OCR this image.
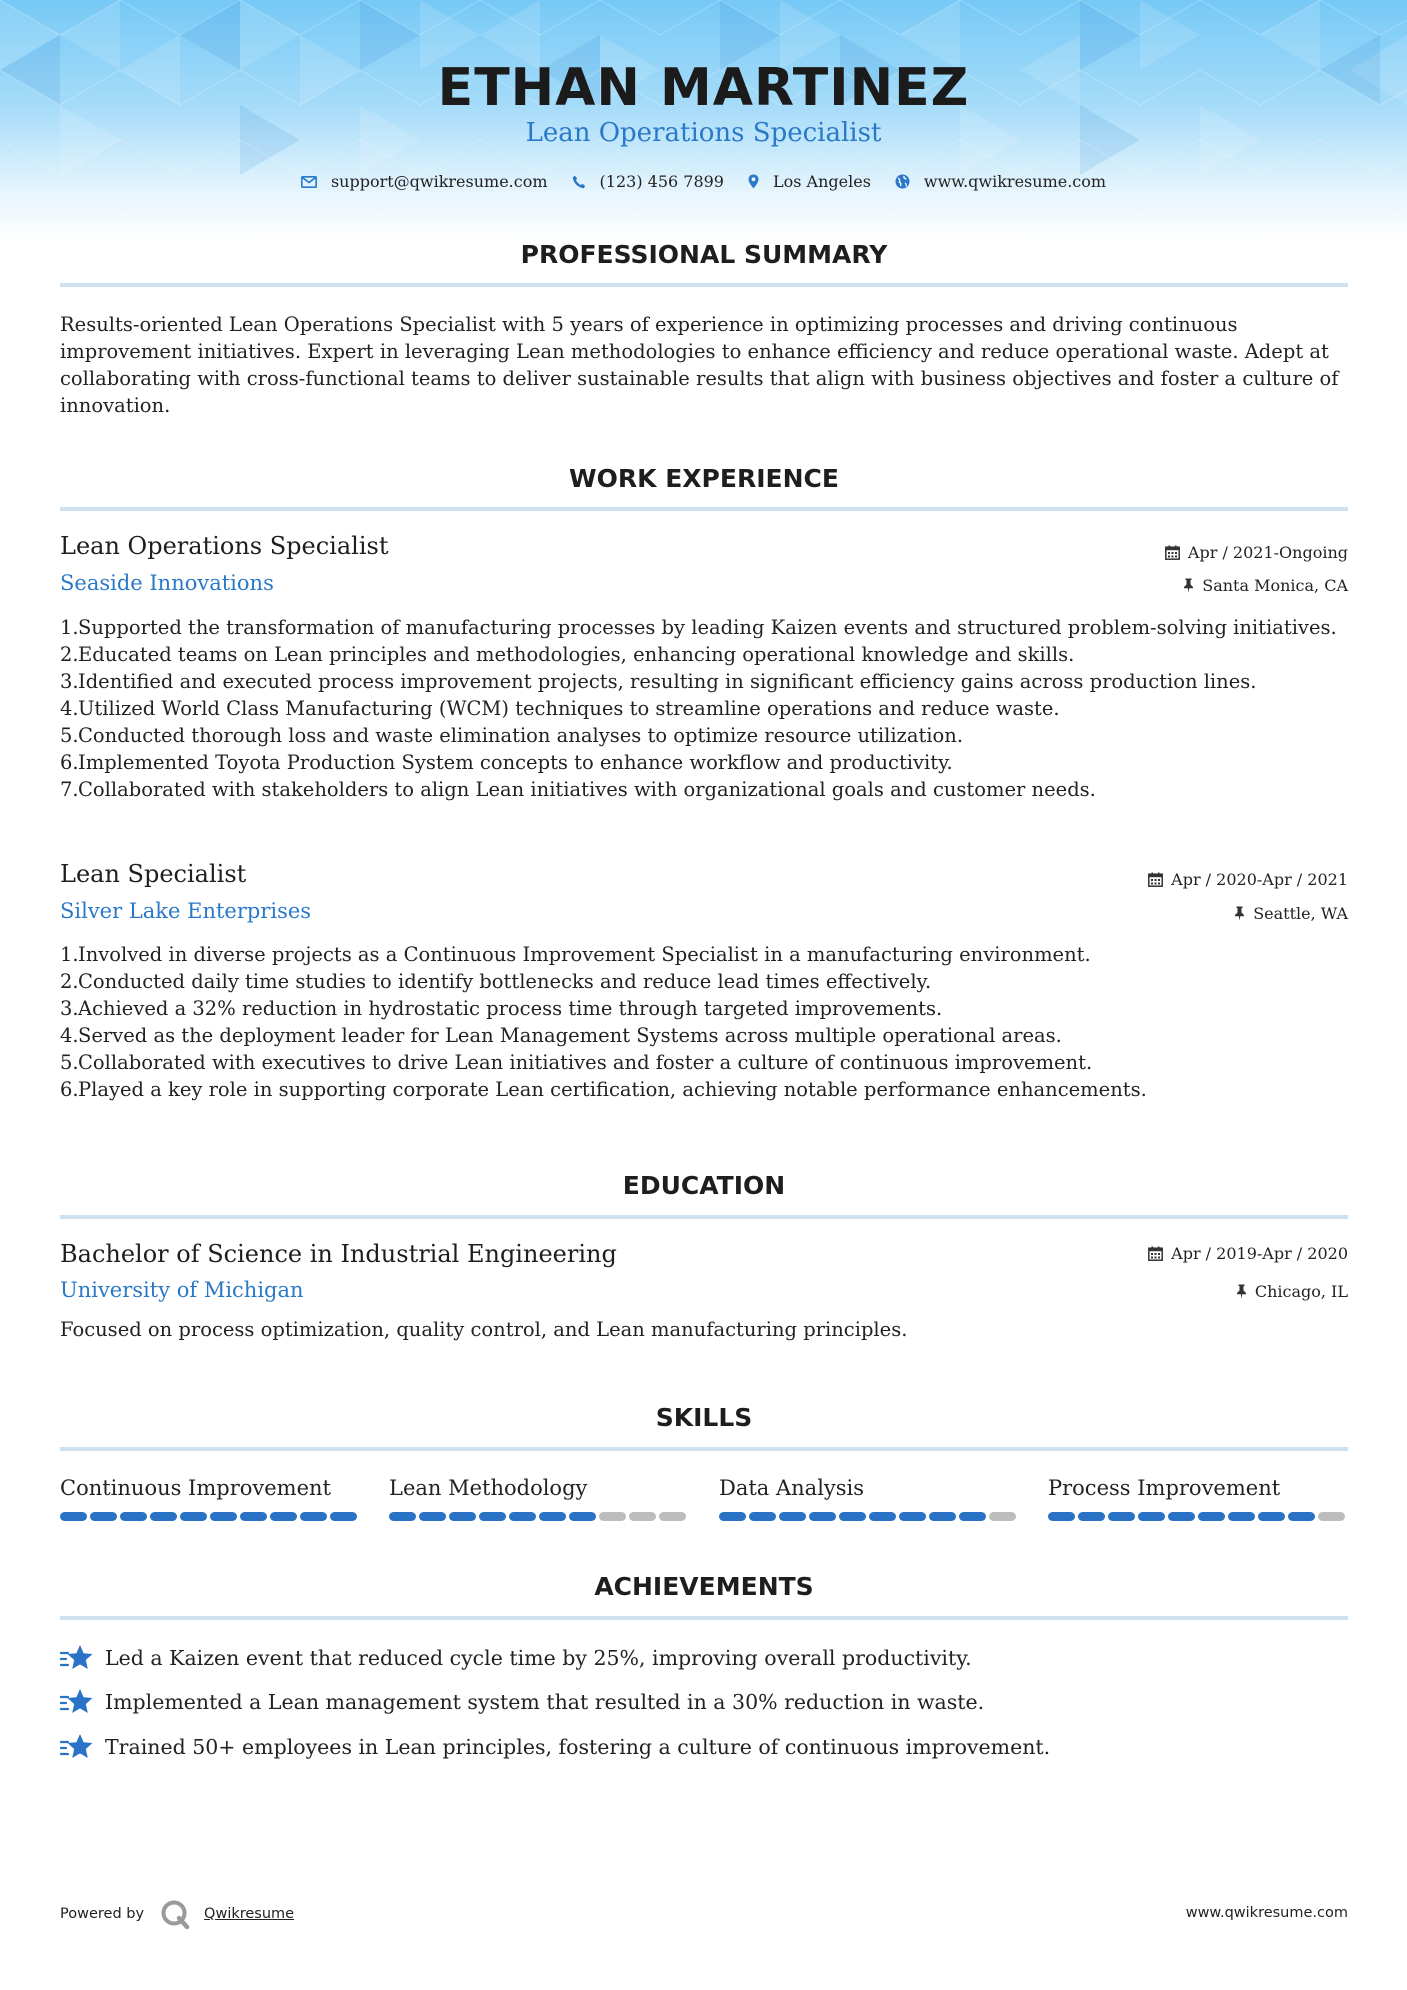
ETHAN MARTINEZ
Lean Operations Specialist
support@qwikresume.com	(123) 456 7899	Los Angeles	www.qwikresume.com
PROFESSIONAL SUMMARY
Results-oriented Lean Operations Specialist with 5 years of experience in optimizing processes and driving continuous improvement initiatives. Expert in leveraging Lean methodologies to enhance efficiency and reduce operational waste. Adept at collaborating with cross-functional teams to deliver sustainable results that align with business objectives and foster a culture of innovation.
WORK EXPERIENCE
Lean Operations Specialist	Apr / 2021-Ongoing
Seaside Innovations	Santa Monica, CA
1. Supported the transformation of manufacturing processes by leading Kaizen events and structured problem-solving initiatives.
2. Educated teams on Lean principles and methodologies, enhancing operational knowledge and skills.
3. Identified and executed process improvement projects, resulting in significant efficiency gains across production lines.
4. Utilized World Class Manufacturing (WCM) techniques to streamline operations and reduce waste.
5. Conducted thorough loss and waste elimination analyses to optimize resource utilization.
6. Implemented Toyota Production System concepts to enhance workflow and productivity.
7. Collaborated with stakeholders to align Lean initiatives with organizational goals and customer needs.
Lean Specialist	Apr / 2020-Apr / 2021
Silver Lake Enterprises	Seattle, WA
1. Involved in diverse projects as a Continuous Improvement Specialist in a manufacturing environment.
2. Conducted daily time studies to identify bottlenecks and reduce lead times effectively.
3. Achieved a 32% reduction in hydrostatic process time through targeted improvements.
4. Served as the deployment leader for Lean Management Systems across multiple operational areas.
5. Collaborated with executives to drive Lean initiatives and foster a culture of continuous improvement.
6. Played a key role in supporting corporate Lean certification, achieving notable performance enhancements.
EDUCATION
Bachelor of Science in Industrial Engineering	Apr / 2019-Apr / 2020
University of Michigan	Chicago, IL
Focused on process optimization, quality control, and Lean manufacturing principles.
SKILLS
Continuous Improvement	Lean Methodology	Data Analysis	Process Improvement
ACHIEVEMENTS
Led a Kaizen event that reduced cycle time by 25%, improving overall productivity.
Implemented a Lean management system that resulted in a 30% reduction in waste.
Trained 50+ employees in Lean principles, fostering a culture of continuous improvement.
Powered by	Qwikresume	www.qwikresume.com
